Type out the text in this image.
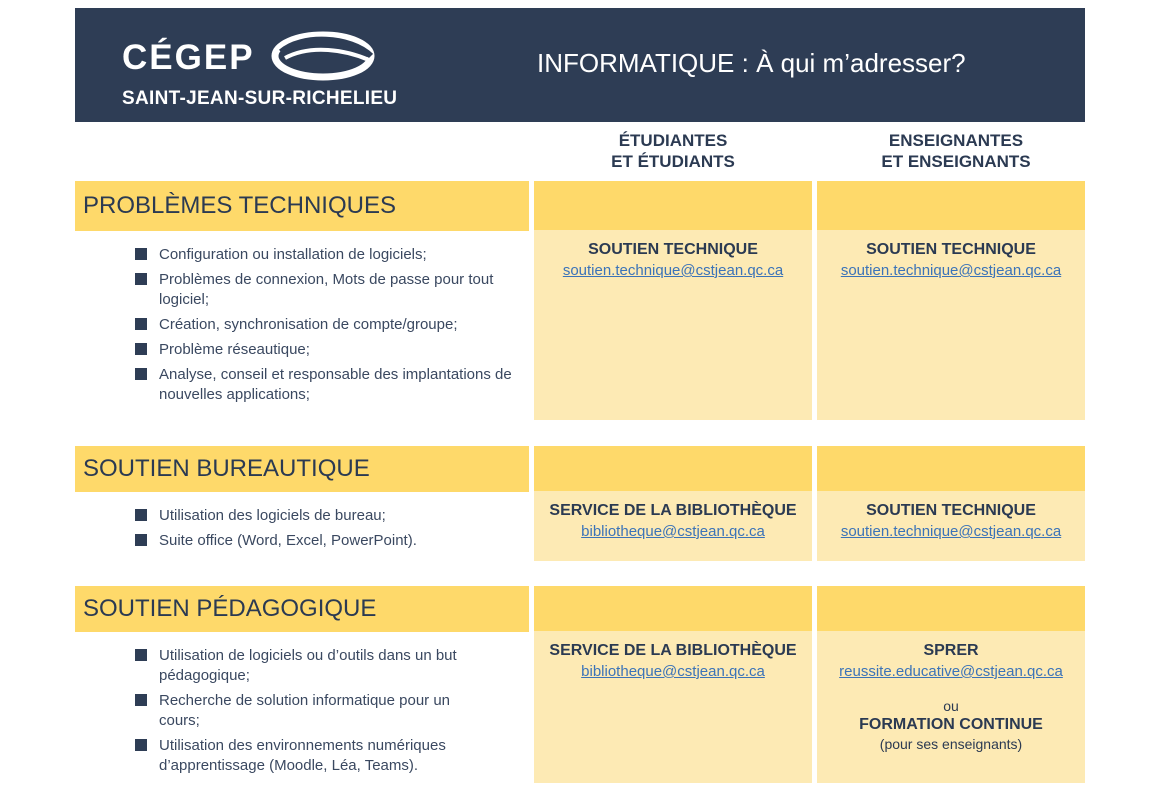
CÉGEP
SAINT-JEAN-SUR-RICHELIEU
INFORMATIQUE : À qui m’adresser?
ÉTUDIANTES
ET ÉTUDIANTS
ENSEIGNANTES
ET ENSEIGNANTS
PROBLÈMES TECHNIQUES
Configuration ou installation de logiciels;
Problèmes de connexion, Mots de passe pour tout logiciel;
Création, synchronisation de compte/groupe;
Problème réseautique;
Analyse, conseil et responsable des implantations de nouvelles applications;
SOUTIEN TECHNIQUE
soutien.technique@cstjean.qc.ca
SOUTIEN TECHNIQUE
soutien.technique@cstjean.qc.ca
SOUTIEN BUREAUTIQUE
Utilisation des logiciels de bureau;
Suite office (Word, Excel, PowerPoint).
SERVICE DE LA BIBLIOTHÈQUE
bibliotheque@cstjean.qc.ca
SOUTIEN TECHNIQUE
soutien.technique@cstjean.qc.ca
SOUTIEN PÉDAGOGIQUE
Utilisation de logiciels ou d’outils dans un but pédagogique;
Recherche de solution informatique pour un cours;
Utilisation des environnements numériques d’apprentissage (Moodle, Léa, Teams).
SERVICE DE LA BIBLIOTHÈQUE
bibliotheque@cstjean.qc.ca
SPRER
reussite.educative@cstjean.qc.ca
ou
FORMATION CONTINUE
(pour ses enseignants)
